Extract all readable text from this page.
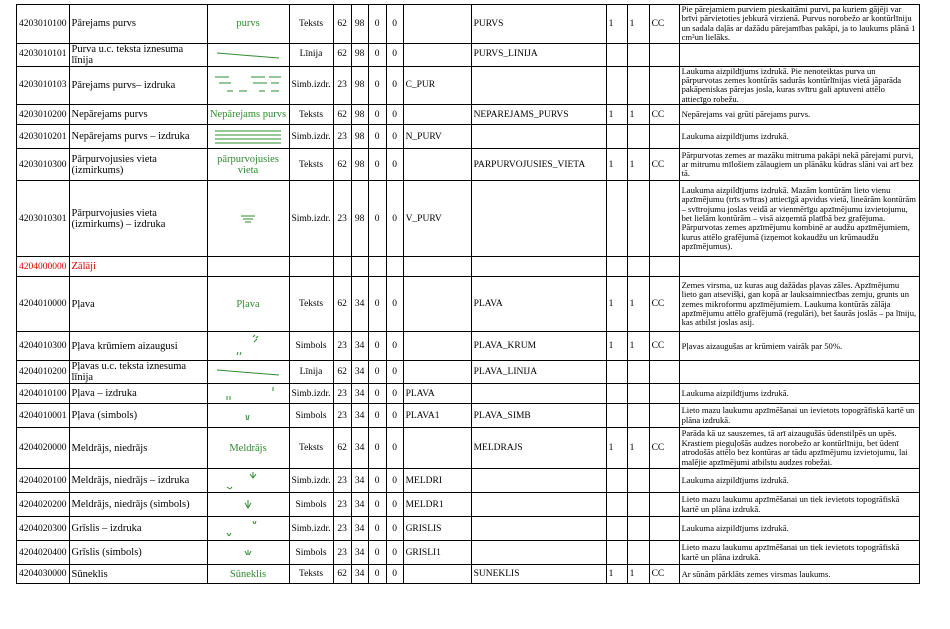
4203010100	Pārejams purvs	purvs	Teksts	62	98	0	0		PURVS	1	1	CC	Pie pārejamiem purviem pieskaitāmi purvi, pa kuriem gājēji var brīvi pārvietoties jebkurā virzienā. Purvus norobežo ar kontūrlīniju un sadala daļās ar dažādu pārejamības pakāpi, ja to laukums plānā 1 cm²un lielāks.
4203010101	Purva u.c. teksta iznesuma līnija		Līnija	62	98	0	0		PURVS_LINIJA				
4203010103	Pārejams purvs– izdruka		Simb.izdr.	23	98	0	0	C_PUR					Laukuma aizpildījums izdrukā. Pie nenoteiktas purva un pārpurvotas zemes kontūrās sadurās kontūrlīnijas vietā jāparāda pakāpeniskas pārejas josla, kuras svītru gali aptuveni attēlo attiecīgo robežu.
4203010200	Nepārejams purvs	Nepārejams purvs	Teksts	62	98	0	0		NEPAREJAMS_PURVS	1	1	CC	Nepārejams vai grūti pārejams purvs.
4203010201	Nepārejams purvs – izdruka		Simb.izdr.	23	98	0	0	N_PURV					Laukuma aizpildījums izdrukā.
4203010300	Pārpurvojusies vieta (izmirkums)	pārpurvojusies vieta	Teksts	62	98	0	0		PARPURVOJUSIES_VIETA	1	1	CC	Pārpurvotas zemes ar mazāku mitruma pakāpi nekā pārejami purvi, ar mitrumu mīlošiem zālaugiem un plānāku kūdras slāni vai arī bez tā.
4203010301	Pārpurvojusies vieta (izmirkums) – izdruka		Simb.izdr.	23	98	0	0	V_PURV					Laukuma aizpildījums izdrukā. Mazām kontūrām lieto vienu apzīmējumu (trīs svītras) attiecīgā apvidus vietā, lineārām kontūrām – svītrojumu joslas veidā ar vienmērīgu apzīmējumu izvietojumu, bet lielām kontūrām – visā aizņemtā platībā bez grafējuma. Pārpurvotas zemes apzīmējumu kombinē ar audžu apzīmējumiem, kurus attēlo grafējumā (izņemot kokaudžu un krūmaudžu apzīmējumus).
4204000000	Zālāji												
4204010000	Pļava	Pļava	Teksts	62	34	0	0		PLAVA	1	1	CC	Zemes virsma, uz kuras aug dažādas pļavas zāles. Apzīmējumu lieto gan atsevišķi, gan kopā ar lauksaimniecības zemju, grunts un zemes mikroformu apzīmējumiem. Laukuma kontūrās zālāja apzīmējumu attēlo grafējumā (regulāri), bet šaurās joslās – pa līniju, kas atbilst joslas asij.
4204010300	Pļava krūmiem aizaugusi		Simbols	23	34	0	0		PLAVA_KRUM	1	1	CC	Pļavas aizaugušas ar krūmiem vairāk par 50%.
4204010200	Pļavas u.c. teksta iznesuma līnija		Līnija	62	34	0	0		PLAVA_LINIJA				
4204010100	Pļava – izdruka		Simb.izdr.	23	34	0	0	PLAVA					Laukuma aizpildījums izdrukā.
4204010001	Pļava (simbols)		Simbols	23	34	0	0	PLAVA1	PLAVA_SIMB				Lieto mazu laukumu apzīmēšanai un ievietots topogrāfiskā kartē un plāna izdrukā.
4204020000	Meldrājs, niedrājs	Meldrājs	Teksts	62	34	0	0		MELDRAJS	1	1	CC	Parāda kā uz sauszemes, tā arī aizaugušās ūdenstilpēs un upēs. Krastiem pieguļošās audzes norobežo ar kontūrlīniju, bet ūdenī atrodošās attēlo bez kontūras ar tādu apzīmējumu izvietojumu, lai malējie apzīmējumi atbilstu audzes robežai.
4204020100	Meldrājs, niedrājs – izdruka		Simb.izdr.	23	34	0	0	MELDRI					Laukuma aizpildījums izdrukā.
4204020200	Meldrājs, niedrājs (simbols)		Simbols	23	34	0	0	MELDR1					Lieto mazu laukumu apzīmēšanai un tiek ievietots topogrāfiskā kartē un plāna izdrukā.
4204020300	Grīslis – izdruka		Simb.izdr.	23	34	0	0	GRISLIS					Laukuma aizpildījums izdrukā.
4204020400	Grīslis (simbols)		Simbols	23	34	0	0	GRISLI1					Lieto mazu laukumu apzīmēšanai un tiek ievietots topogrāfiskā kartē un plāna izdrukā.
4204030000	Sūneklis	Sūneklis	Teksts	62	34	0	0		SUNEKLIS	1	1	CC	Ar sūnām pārklāts zemes virsmas laukums.
